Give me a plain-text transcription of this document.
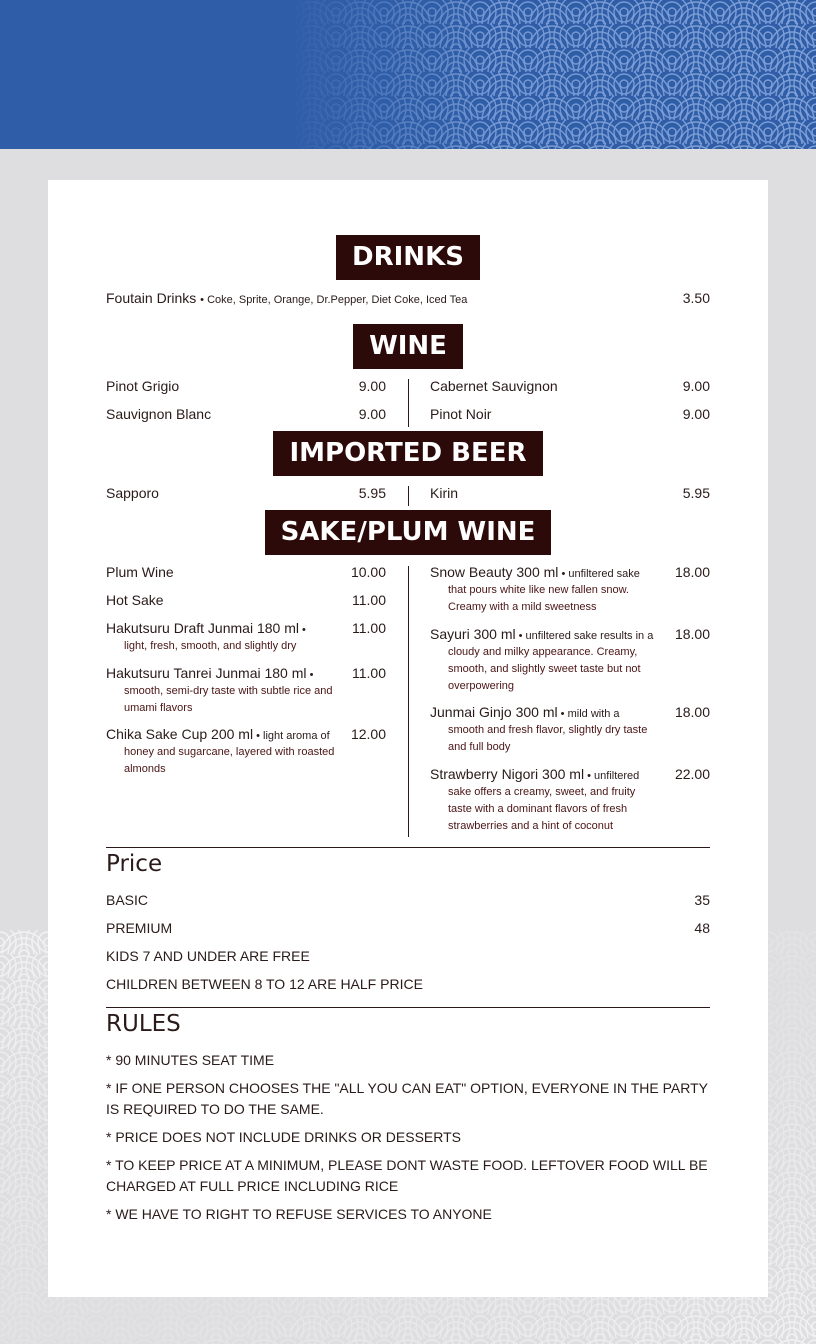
DRINKS
Foutain Drinks • Coke, Sprite, Orange, Dr.Pepper, Diet Coke, Iced Tea	3.50
WINE
Pinot Grigio	9.00
Sauvignon Blanc	9.00
Cabernet Sauvignon	9.00
Pinot Noir	9.00
IMPORTED BEER
Sapporo	5.95	Kirin	5.95
SAKE/PLUM WINE
Plum Wine	10.00
Hot Sake	11.00
Hakutsuru Draft Junmai 180 ml •	11.00
light, fresh, smooth, and slightly dry
Hakutsuru Tanrei Junmai 180 ml •	11.00
smooth, semi-dry taste with subtle rice and umami flavors
Chika Sake Cup 200 ml • light aroma of	12.00
honey and sugarcane, layered with roasted almonds
Snow Beauty 300 ml • unfiltered sake	18.00
that pours white like new fallen snow. Creamy with a mild sweetness
Sayuri 300 ml • unfiltered sake results in a	18.00
cloudy and milky appearance. Creamy, smooth, and slightly sweet taste but not overpowering
Junmai Ginjo 300 ml • mild with a	18.00
smooth and fresh flavor, slightly dry taste and full body
Strawberry Nigori 300 ml • unfiltered	22.00
sake offers a creamy, sweet, and fruity taste with a dominant flavors of fresh strawberries and a hint of coconut
Price
BASIC	35
PREMIUM	48
KIDS 7 AND UNDER ARE FREE
CHILDREN BETWEEN 8 TO 12 ARE HALF PRICE
RULES
* 90 MINUTES SEAT TIME
* IF ONE PERSON CHOOSES THE "ALL YOU CAN EAT" OPTION, EVERYONE IN THE PARTY IS REQUIRED TO DO THE SAME.
* PRICE DOES NOT INCLUDE DRINKS OR DESSERTS
* TO KEEP PRICE AT A MINIMUM, PLEASE DONT WASTE FOOD. LEFTOVER FOOD WILL BE CHARGED AT FULL PRICE INCLUDING RICE
* WE HAVE TO RIGHT TO REFUSE SERVICES TO ANYONE
